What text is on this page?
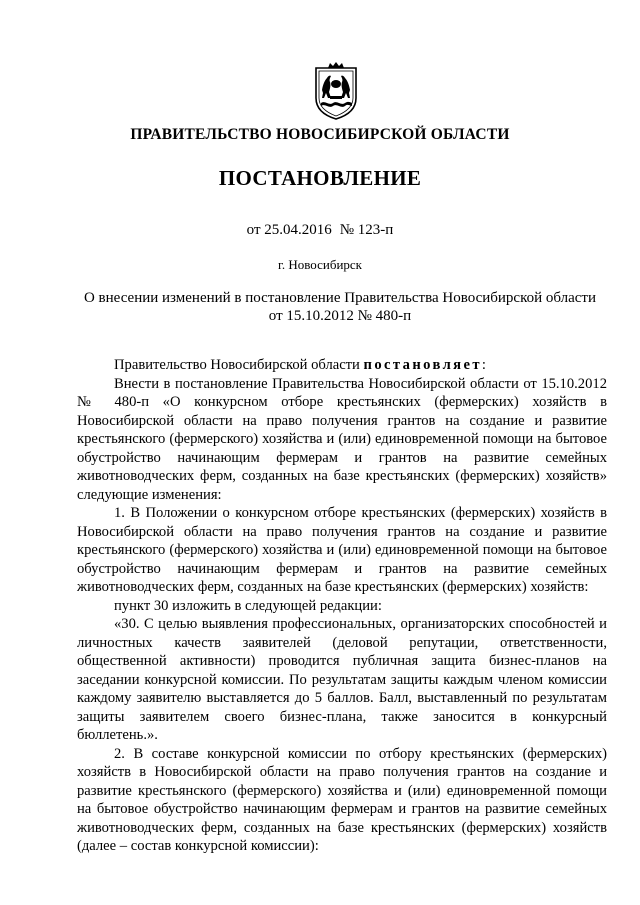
ПРАВИТЕЛЬСТВО НОВОСИБИРСКОЙ ОБЛАСТИ
ПОСТАНОВЛЕНИЕ
от 25.04.2016 № 123-п
г. Новосибирск
О внесении изменений в постановление Правительства Новосибирской области
от 15.10.2012 № 480-п

Правительство Новосибирской области постановляет:

Внести в постановление Правительства Новосибирской области от 15.10.2012 № 480-п «О конкурсном отборе крестьянских (фермерских) хозяйств в Новосибирской области на право получения грантов на создание и развитие крестьянского (фермерского) хозяйства и (или) единовременной помощи на бытовое обустройство начинающим фермерам и грантов на развитие семейных животноводческих ферм, созданных на базе крестьянских (фермерских) хозяйств» следующие изменения:

1. В Положении о конкурсном отборе крестьянских (фермерских) хозяйств в Новосибирской области на право получения грантов на создание и развитие крестьянского (фермерского) хозяйства и (или) единовременной помощи на бытовое обустройство начинающим фермерам и грантов на развитие семейных животноводческих ферм, созданных на базе крестьянских (фермерских) хозяйств:

пункт 30 изложить в следующей редакции:

«30. С целью выявления профессиональных, организаторских способностей и личностных качеств заявителей (деловой репутации, ответственности, общественной активности) проводится публичная защита бизнес-планов на заседании конкурсной комиссии. По результатам защиты каждым членом комиссии каждому заявителю выставляется до 5 баллов. Балл, выставленный по результатам защиты заявителем своего бизнес-плана, также заносится в конкурсный бюллетень.».

2. В составе конкурсной комиссии по отбору крестьянских (фермерских) хозяйств в Новосибирской области на право получения грантов на создание и развитие крестьянского (фермерского) хозяйства и (или) единовременной помощи на бытовое обустройство начинающим фермерам и грантов на развитие семейных животноводческих ферм, созданных на базе крестьянских (фермерских) хозяйств (далее – состав конкурсной комиссии):
